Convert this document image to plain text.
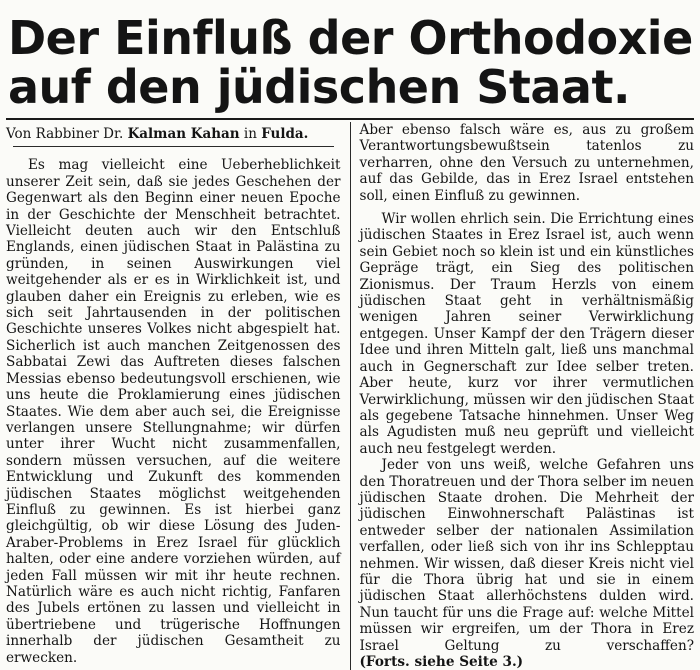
Der Einfluß der Orthodoxie
auf den jüdischen Staat.
Von Rabbiner Dr. Kalman Kahan in Fulda.

Es mag vielleicht eine Ueberheblichkeit unserer Zeit sein, daß sie jedes Geschehen der Gegenwart als den Beginn einer neuen Epoche in der Geschichte der Menschheit betrachtet. Vielleicht deuten auch wir den Entschluß Englands, einen jüdischen Staat in Palästina zu gründen, in seinen Auswirkungen viel weitgehender als er es in Wirklichkeit ist, und glauben daher ein Ereignis zu erleben, wie es sich seit Jahrtausenden in der politischen Geschichte unseres Volkes nicht abgespielt hat. Sicherlich ist auch manchen Zeitgenossen des Sabbatai Zewi das Auftreten dieses falschen Messias ebenso bedeutungsvoll erschienen, wie uns heute die Proklamierung eines jüdischen Staates. Wie dem aber auch sei, die Ereignisse verlangen unsere Stellungnahme; wir dürfen unter ihrer Wucht nicht zusammenfallen, sondern müssen versuchen, auf die weitere Entwicklung und Zukunft des kommenden jüdischen Staates möglichst weitgehenden Einfluß zu gewinnen. Es ist hierbei ganz gleichgültig, ob wir diese Lösung des Juden-Araber-Problems in Erez Israel für glücklich halten, oder eine andere vorziehen würden, auf jeden Fall müssen wir mit ihr heute rechnen. Natürlich wäre es auch nicht richtig, Fanfaren des Jubels ertönen zu lassen und vielleicht in übertriebene und trügerische Hoffnungen innerhalb der jüdischen Gesamtheit zu erwecken.

Aber ebenso falsch wäre es, aus zu großem Verantwortungsbewußtsein tatenlos zu verharren, ohne den Versuch zu unternehmen, auf das Gebilde, das in Erez Israel entstehen soll, einen Einfluß zu gewinnen.

Wir wollen ehrlich sein. Die Errichtung eines jüdischen Staates in Erez Israel ist, auch wenn sein Gebiet noch so klein ist und ein künstliches Gepräge trägt, ein Sieg des politischen Zionismus. Der Traum Herzls von einem jüdischen Staat geht in verhältnismäßig wenigen Jahren seiner Verwirklichung entgegen. Unser Kampf der den Trägern dieser Idee und ihren Mitteln galt, ließ uns manchmal auch in Gegnerschaft zur Idee selber treten. Aber heute, kurz vor ihrer vermutlichen Verwirklichung, müssen wir den jüdischen Staat als gegebene Tatsache hinnehmen. Unser Weg als Agudisten muß neu geprüft und vielleicht auch neu festgelegt werden.

Jeder von uns weiß, welche Gefahren uns den Thoratreuen und der Thora selber im neuen jüdischen Staate drohen. Die Mehrheit der jüdischen Einwohnerschaft Palästinas ist entweder selber der nationalen Assimilation verfallen, oder ließ sich von ihr ins Schlepptau nehmen. Wir wissen, daß dieser Kreis nicht viel für die Thora übrig hat und sie in einem jüdischen Staat allerhöchstens dulden wird. Nun taucht für uns die Frage auf: welche Mittel müssen wir ergreifen, um der Thora in Erez Israel Geltung zu verschaffen? (Forts. siehe Seite 3.)
